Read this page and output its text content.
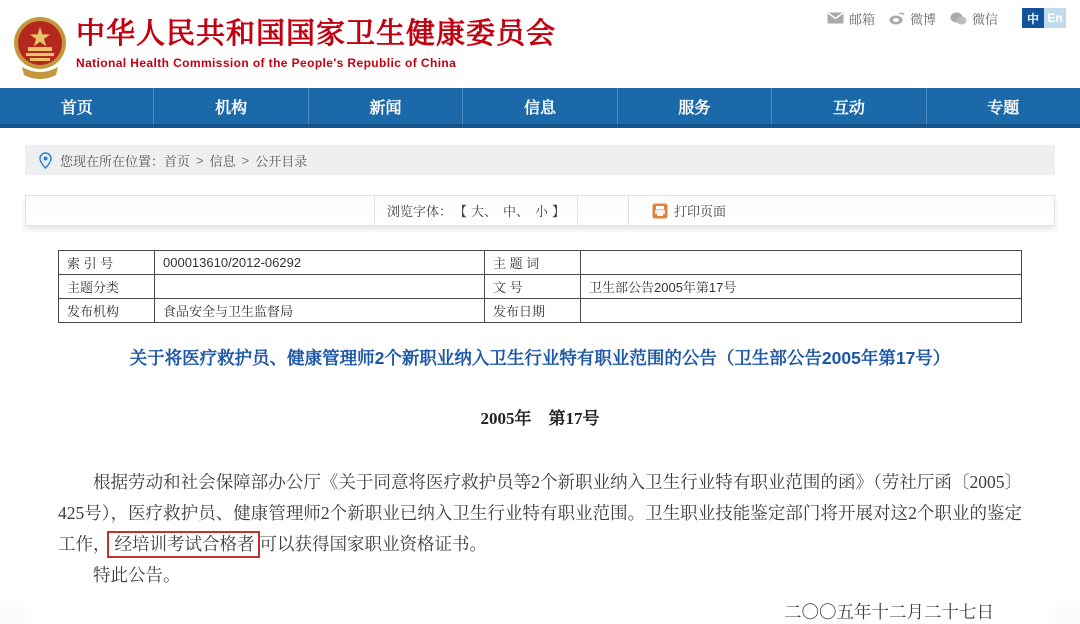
中华人民共和国国家卫生健康委员会
National Health Commission of the People's Republic of China
邮箱	微博	微信	中 En
首页	机构	新闻	信息	服务	互动	专题
您现在所在位置： 首页 > 信息 > 公开目录
浏览字体： 【 大、 中、 小 】	打印页面
索 引 号	000013610/2012-06292	主 题 词	
主题分类		文 号	卫生部公告2005年第17号
发布机构	食品安全与卫生监督局	发布日期	
关于将医疗救护员、健康管理师2个新职业纳入卫生行业特有职业范围的公告（卫生部公告2005年第17号）
2005年　第17号

根据劳动和社会保障部办公厅《关于同意将医疗救护员等2个新职业纳入卫生行业特有职业范围的函》（劳社厅函〔2005〕425号），医疗救护员、健康管理师2个新职业已纳入卫生行业特有职业范围。卫生职业技能鉴定部门将开展对这2个职业的鉴定工作， 经培训考试合格者 可以获得国家职业资格证书。

特此公告。

二〇〇五年十二月二十七日
